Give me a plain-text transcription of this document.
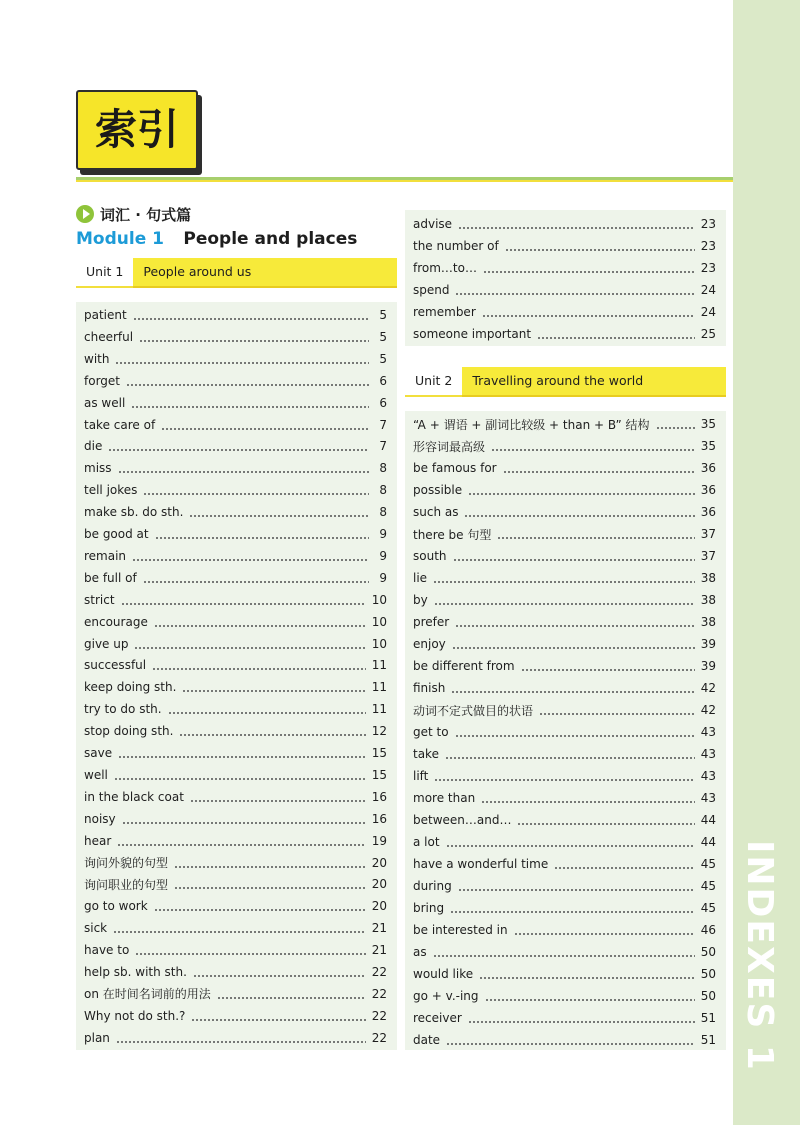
INDEXES 1
索引
词汇 · 句式篇
Module 1 People and places
Unit 1	People around us
patient	5
cheerful	5
with	5
forget	6
as well	6
take care of	7
die	7
miss	8
tell jokes	8
make sb. do sth.	8
be good at	9
remain	9
be full of	9
strict	10
encourage	10
give up	10
successful	11
keep doing sth.	11
try to do sth.	11
stop doing sth.	12
save	15
well	15
in the black coat	16
noisy	16
hear	19
询问外貌的句型	20
询问职业的句型	20
go to work	20
sick	21
have to	21
help sb. with sth.	22
on 在时间名词前的用法	22
Why not do sth.?	22
plan	22
advise	23
the number of	23
from…to…	23
spend	24
remember	24
someone important	25
Unit 2	Travelling around the world
“A + 谓语 + 副词比较级 + than + B” 结构	35
形容词最高级	35
be famous for	36
possible	36
such as	36
there be 句型	37
south	37
lie	38
by	38
prefer	38
enjoy	39
be different from	39
finish	42
动词不定式做目的状语	42
get to	43
take	43
lift	43
more than	43
between…and…	44
a lot	44
have a wonderful time	45
during	45
bring	45
be interested in	46
as	50
would like	50
go + v.-ing	50
receiver	51
date	51
